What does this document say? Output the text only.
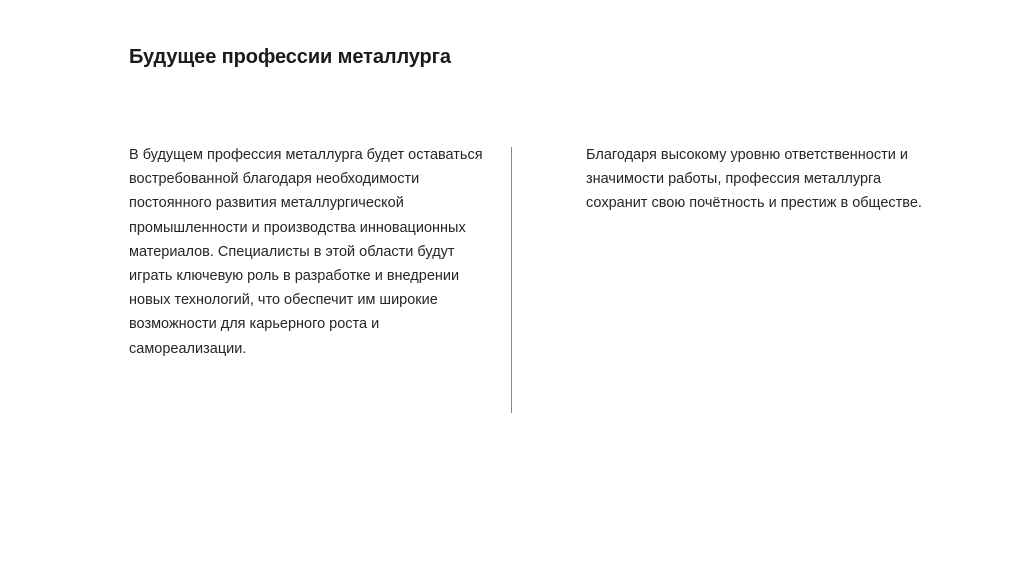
Будущее профессии металлурга
В будущем профессия металлурга будет оставаться
востребованной благодаря необходимости
постоянного развития металлургической
промышленности и производства инновационных
материалов. Специалисты в этой области будут
играть ключевую роль в разработке и внедрении
новых технологий, что обеспечит им широкие
возможности для карьерного роста и
самореализации.
Благодаря высокому уровню ответственности и
значимости работы, профессия металлурга
сохранит свою почётность и престиж в обществе.
